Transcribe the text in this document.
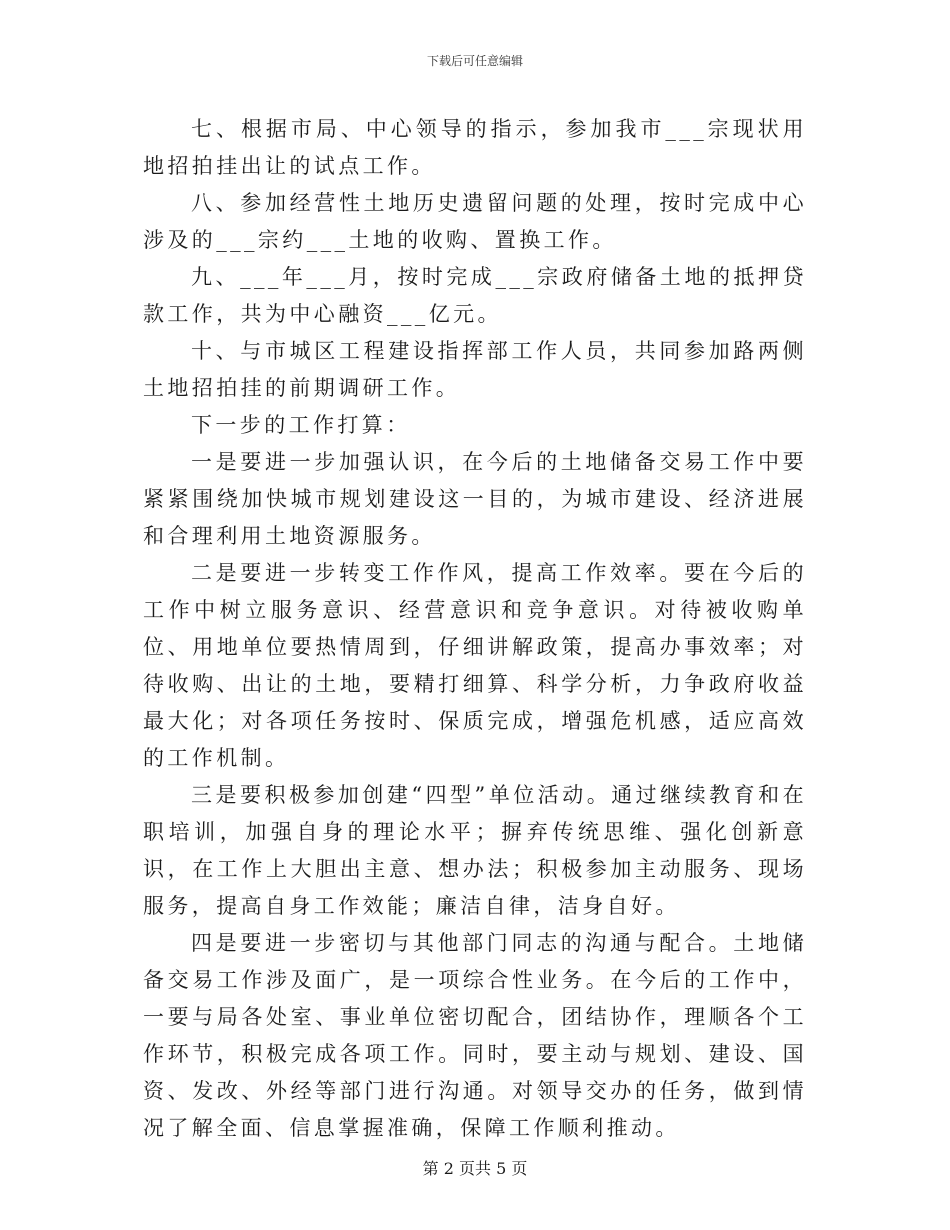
下载后可任意编辑

七、根据市局、中心领导的指示，参加我市___宗现状用地招拍挂出让的试点工作。

八、参加经营性土地历史遗留问题的处理，按时完成中心涉及的___宗约___土地的收购、置换工作。

九、___年___月，按时完成___宗政府储备土地的抵押贷款工作，共为中心融资___亿元。

十、与市城区工程建设指挥部工作人员，共同参加路两侧土地招拍挂的前期调研工作。

下一步的工作打算：

一是要进一步加强认识，在今后的土地储备交易工作中要紧紧围绕加快城市规划建设这一目的，为城市建设、经济进展和合理利用土地资源服务。

二是要进一步转变工作作风，提高工作效率。要在今后的工作中树立服务意识、经营意识和竞争意识。对待被收购单位、用地单位要热情周到，仔细讲解政策，提高办事效率；对待收购、出让的土地，要精打细算、科学分析，力争政府收益最大化；对各项任务按时、保质完成，增强危机感，适应高效的工作机制。

三是要积极参加创建“四型”单位活动。通过继续教育和在职培训，加强自身的理论水平；摒弃传统思维、强化创新意识，在工作上大胆出主意、想办法；积极参加主动服务、现场服务，提高自身工作效能；廉洁自律，洁身自好。

四是要进一步密切与其他部门同志的沟通与配合。土地储备交易工作涉及面广，是一项综合性业务。在今后的工作中，一要与局各处室、事业单位密切配合，团结协作，理顺各个工作环节，积极完成各项工作。同时，要主动与规划、建设、国资、发改、外经等部门进行沟通。对领导交办的任务，做到情况了解全面、信息掌握准确，保障工作顺利推动。

第 2 页共 5 页
